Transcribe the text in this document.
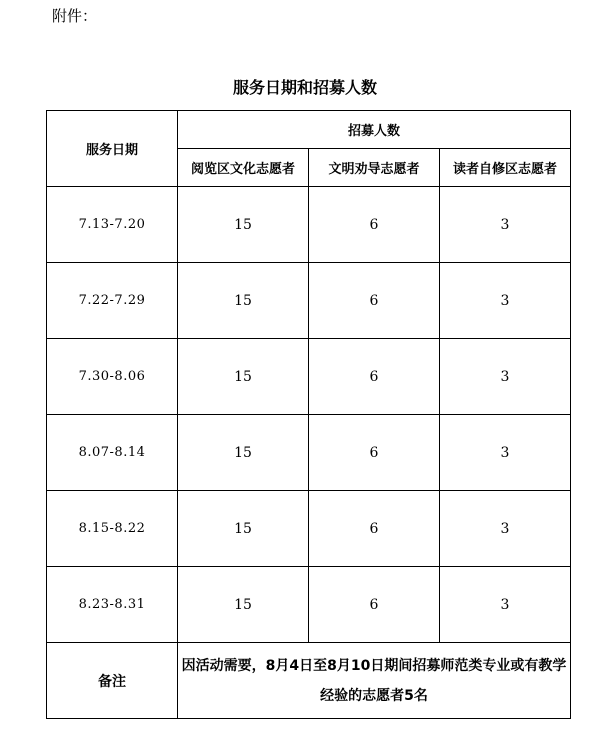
附件：
服务日期和招募人数
服务日期	招募人数		
	阅览区文化志愿者	文明劝导志愿者	读者自修区志愿者
7.13-7.20	15	6	3
7.22-7.29	15	6	3
7.30-8.06	15	6	3
8.07-8.14	15	6	3
8.15-8.22	15	6	3
8.23-8.31	15	6	3
备注	因活动需要，8月4日至8月10日期间招募师范类专业或有教学经验的志愿者5名		
